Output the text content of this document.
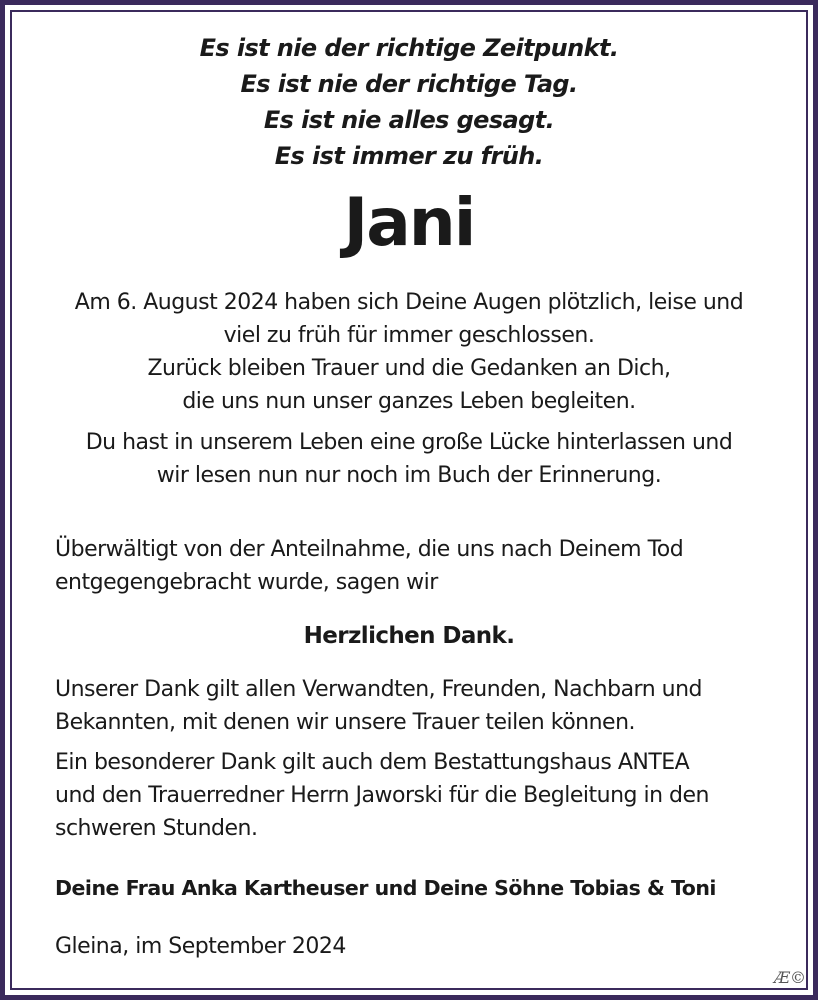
Es ist nie der richtige Zeitpunkt.
Es ist nie der richtige Tag.
Es ist nie alles gesagt.
Es ist immer zu früh.
Jani
Am 6. August 2024 haben sich Deine Augen plötzlich, leise und
viel zu früh für immer geschlossen.
Zurück bleiben Trauer und die Gedanken an Dich,
die uns nun unser ganzes Leben begleiten.
Du hast in unserem Leben eine große Lücke hinterlassen und
wir lesen nun nur noch im Buch der Erinnerung.
Überwältigt von der Anteilnahme, die uns nach Deinem Tod
entgegengebracht wurde, sagen wir
Herzlichen Dank.
Unserer Dank gilt allen Verwandten, Freunden, Nachbarn und
Bekannten, mit denen wir unsere Trauer teilen können.
Ein besonderer Dank gilt auch dem Bestattungshaus ANTEA
und den Trauerredner Herrn Jaworski für die Begleitung in den
schweren Stunden.
Deine Frau Anka Kartheuser und Deine Söhne Tobias & Toni
Gleina, im September 2024
Æ©
